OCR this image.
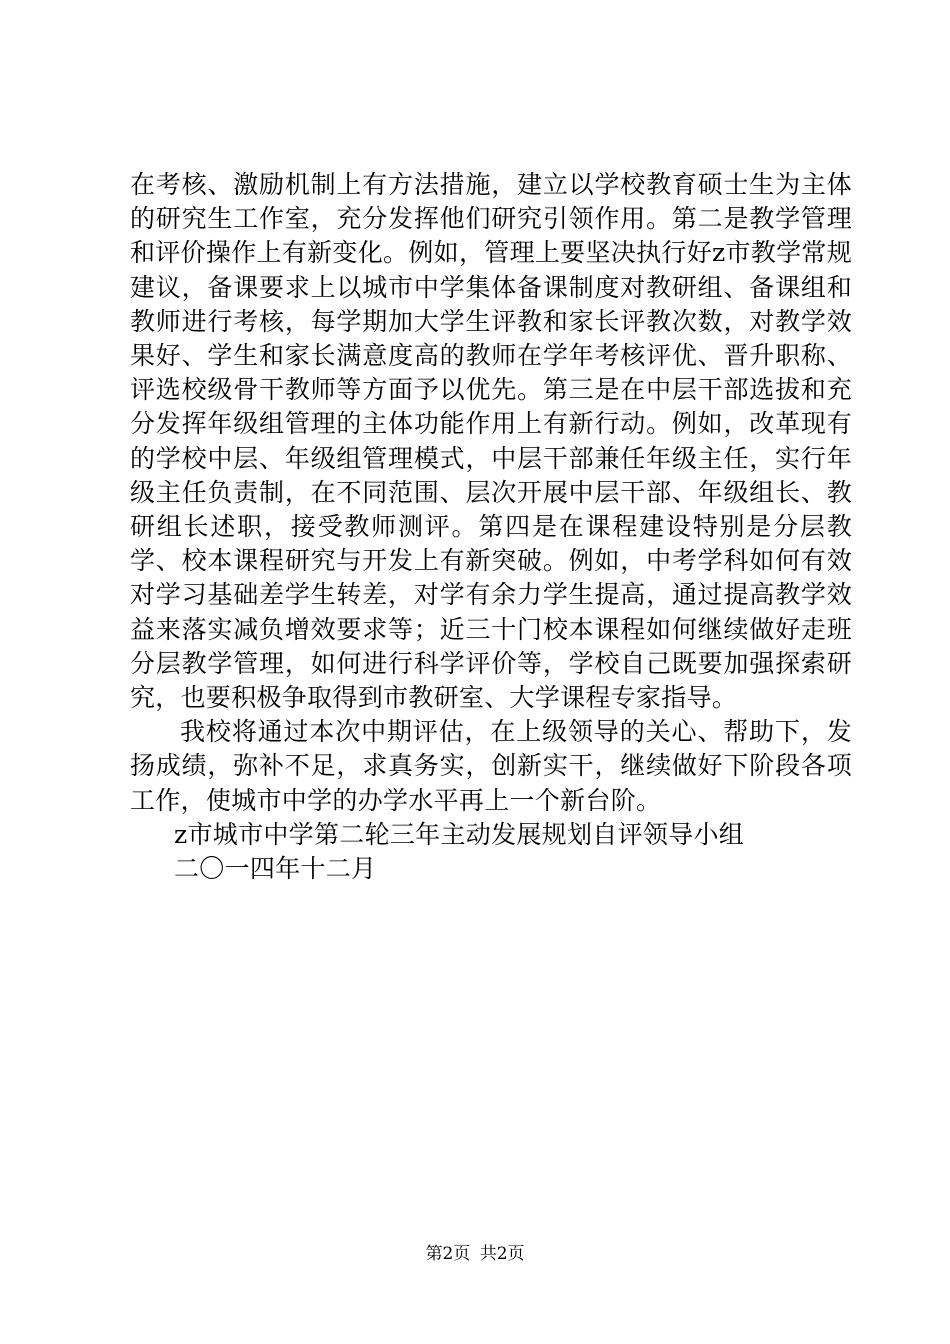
在考核、激励机制上有方法措施，建立以学校教育硕士生为主体的研究生工作室，充分发挥他们研究引领作用。第二是教学管理和评价操作上有新变化。例如，管理上要坚决执行好z市教学常规建议，备课要求上以城市中学集体备课制度对教研组、备课组和教师进行考核，每学期加大学生评教和家长评教次数，对教学效果好、学生和家长满意度高的教师在学年考核评优、晋升职称、评选校级骨干教师等方面予以优先。第三是在中层干部选拔和充分发挥年级组管理的主体功能作用上有新行动。例如，改革现有的学校中层、年级组管理模式，中层干部兼任年级主任，实行年级主任负责制，在不同范围、层次开展中层干部、年级组长、教研组长述职，接受教师测评。第四是在课程建设特别是分层教学、校本课程研究与开发上有新突破。例如，中考学科如何有效对学习基础差学生转差，对学有余力学生提高，通过提高教学效益来落实减负增效要求等；近三十门校本课程如何继续做好走班分层教学管理，如何进行科学评价等，学校自己既要加强探索研究，也要积极争取得到市教研室、大学课程专家指导。

我校将通过本次中期评估，在上级领导的关心、帮助下，发扬成绩，弥补不足，求真务实，创新实干，继续做好下阶段各项工作，使城市中学的办学水平再上一个新台阶。

z市城市中学第二轮三年主动发展规划自评领导小组

二〇一四年十二月

第2页 共2页
